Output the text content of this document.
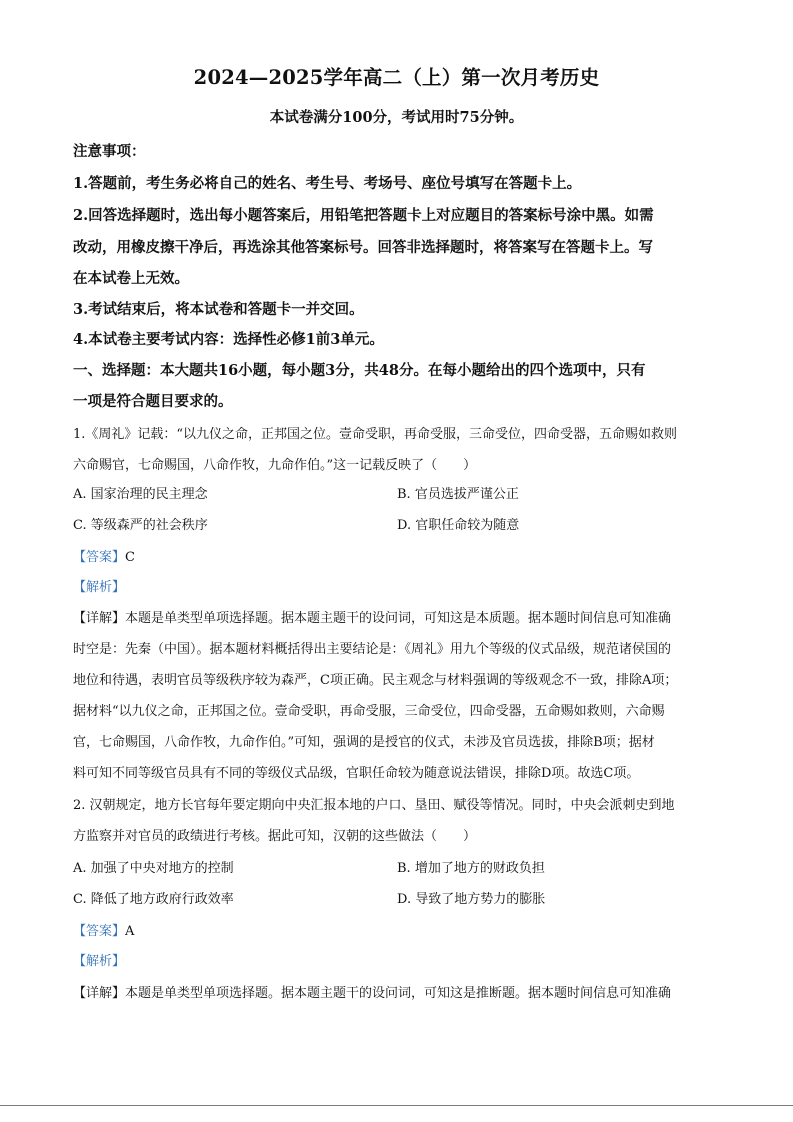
2024—2025学年高二（上）第一次月考历史
本试卷满分100分，考试用时75分钟。
注意事项：
1.答题前，考生务必将自己的姓名、考生号、考场号、座位号填写在答题卡上。
2.回答选择题时，选出每小题答案后，用铅笔把答题卡上对应题目的答案标号涂中黑。如需
改动，用橡皮擦干净后，再选涂其他答案标号。回答非选择题时，将答案写在答题卡上。写
在本试卷上无效。
3.考试结束后，将本试卷和答题卡一并交回。
4.本试卷主要考试内容：选择性必修1前3单元。
一、选择题：本大题共16小题，每小题3分，共48分。在每小题给出的四个选项中，只有
一项是符合题目要求的。
1.《周礼》记载：“以九仪之命，正邦国之位。壹命受职，再命受服，三命受位，四命受器，五命赐如救则
六命赐官，七命赐国，八命作牧，九命作伯。”这一记载反映了（　　）
A. 国家治理的民主理念	B. 官员选拔严谨公正
C. 等级森严的社会秩序	D. 官职任命较为随意
【答案】C
【解析】
【详解】本题是单类型单项选择题。据本题主题干的设问词，可知这是本质题。据本题时间信息可知准确
时空是：先秦（中国）。据本题材料概括得出主要结论是：《周礼》用九个等级的仪式品级，规范诸侯国的
地位和待遇，表明官员等级秩序较为森严，C项正确。民主观念与材料强调的等级观念不一致，排除A项；
据材料“以九仪之命，正邦国之位。壹命受职，再命受服，三命受位，四命受器，五命赐如救则，六命赐
官，七命赐国，八命作牧，九命作伯。”可知，强调的是授官的仪式，未涉及官员选拔，排除B项；据材
料可知不同等级官员具有不同的等级仪式品级，官职任命较为随意说法错误，排除D项。故选C项。
2. 汉朝规定，地方长官每年要定期向中央汇报本地的户口、垦田、赋役等情况。同时，中央会派刺史到地
方监察并对官员的政绩进行考核。据此可知，汉朝的这些做法（　　）
A. 加强了中央对地方的控制	B. 增加了地方的财政负担
C. 降低了地方政府行政效率	D. 导致了地方势力的膨胀
【答案】A
【解析】
【详解】本题是单类型单项选择题。据本题主题干的设问词，可知这是推断题。据本题时间信息可知准确
